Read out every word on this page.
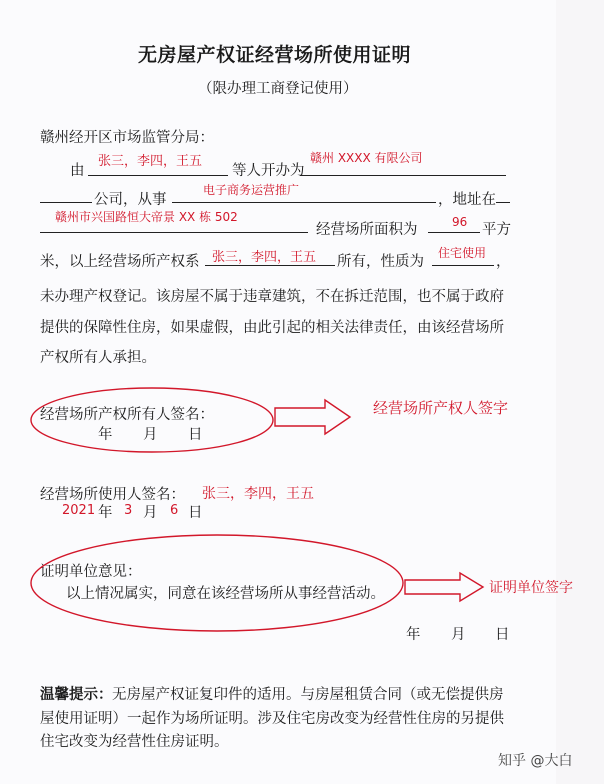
无房屋产权证经营场所使用证明
（限办理工商登记使用）
赣州经开区市场监管分局：
由
张三，李四，王五
等人开办为
赣州 XXXX 有限公司
公司，从事
电子商务运营推广
，地址在
赣州市兴国路恒大帝景 XX 栋 502
经营场所面积为	96 平方
米，以上经营场所产权系 张三，李四，王五 所有，性质为
住宅使用
，
未办理产权登记。该房屋不属于违章建筑，不在拆迁范围，也不属于政府
提供的保障性住房，如果虚假，由此引起的相关法律责任，由该经营场所
产权所有人承担。
经营场所产权所有人签名：
年 月 日
经营场所产权人签字
经营场所使用人签名： 张三，李四，王五
2021 年 3 月 6 日
证明单位意见：
以上情况属实，同意在该经营场所从事经营活动。	证明单位签字
年 月 日
温馨提示： 无房屋产权证复印件的适用。与房屋租赁合同（或无偿提供房
屋使用证明）一起作为场所证明。涉及住宅房改变为经营性住房的另提供
住宅改变为经营性住房证明。
知乎 @大白
